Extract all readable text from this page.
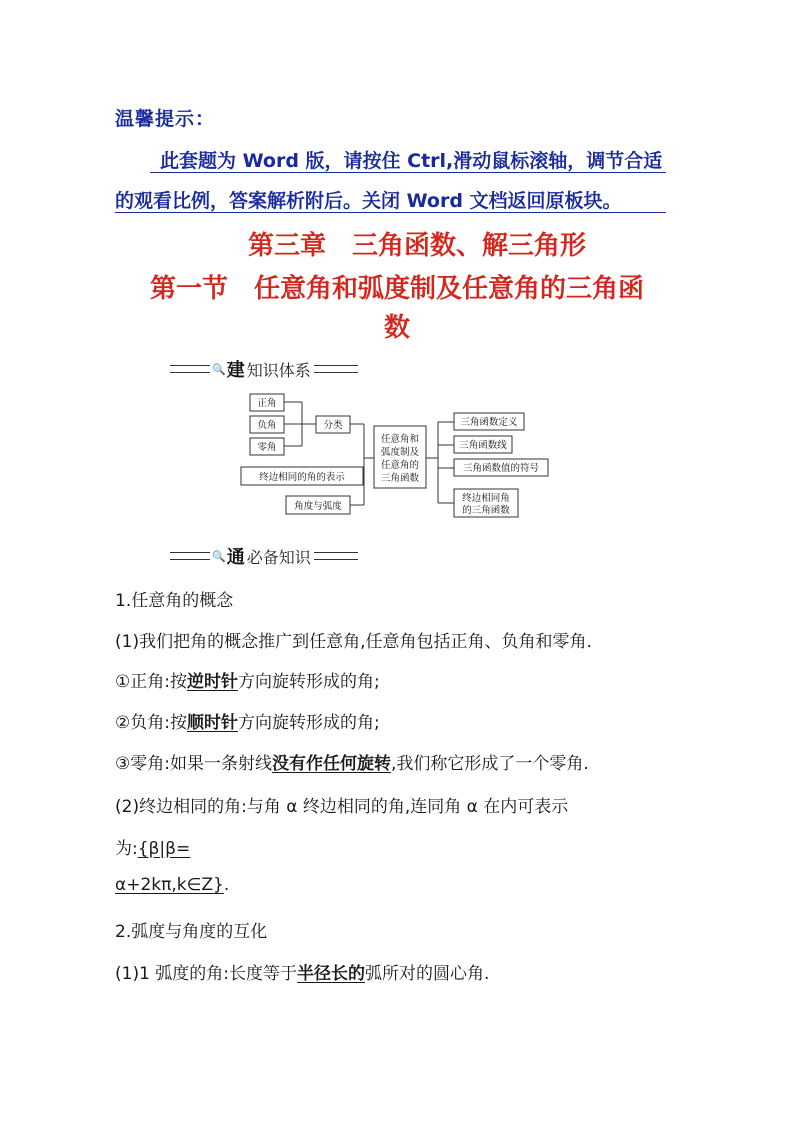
温馨提示：
此套题为 Word 版，请按住 Ctrl,滑动鼠标滚轴，调节合适
的观看比例，答案解析附后。关闭 Word 文档返回原板块。
第三章　三角函数、解三角形
第一节　任意角和弧度制及任意角的三角函
数
🔍 建 知识体系
正角
负角
零角
分类
终边相同的角的表示
角度与弧度
任意角和
弧度制及
任意角的
三角函数
三角函数定义
三角函数线
三角函数值的符号
终边相同角
的三角函数
🔍 通 必备知识
1.任意角的概念
(1)我们把角的概念推广到任意角,任意角包括正角、负角和零角.
①正角:按逆时针方向旋转形成的角;
②负角:按顺时针方向旋转形成的角;
③零角:如果一条射线没有作任何旋转,我们称它形成了一个零角.
(2)终边相同的角:与角 α 终边相同的角,连同角 α 在内可表示
为:{β|β=
α+2kπ,k∈Z}.
2.弧度与角度的互化
(1)1 弧度的角:长度等于半径长的弧所对的圆心角.
